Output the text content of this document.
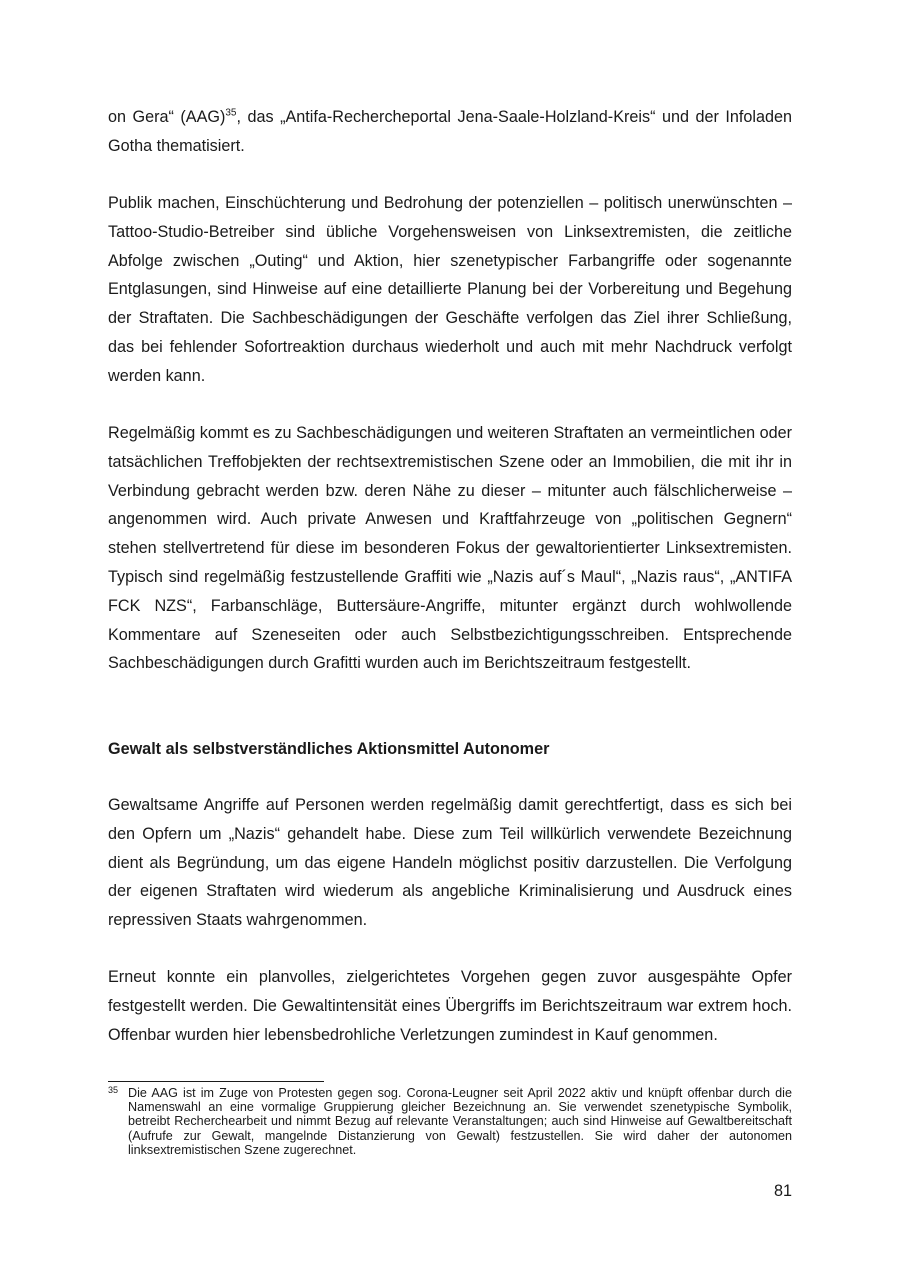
on Gera“ (AAG)$^{35}$, das „Antifa-Rechercheportal Jena-Saale-Holzland-Kreis“ und der Infoladen Gotha thematisiert.

Publik machen, Einschüchterung und Bedrohung der potenziellen – politisch unerwünschten – Tattoo-Studio-Betreiber sind übliche Vorgehensweisen von Linksextremisten, die zeitliche Abfolge zwischen „Outing“ und Aktion, hier szenetypischer Farbangriffe oder sogenannte Entglasungen, sind Hinweise auf eine detaillierte Planung bei der Vorbereitung und Begehung der Straftaten. Die Sachbeschädigungen der Geschäfte verfolgen das Ziel ihrer Schließung, das bei fehlender Sofortreaktion durchaus wiederholt und auch mit mehr Nachdruck verfolgt werden kann.

Regelmäßig kommt es zu Sachbeschädigungen und weiteren Straftaten an vermeintlichen oder tatsächlichen Treffobjekten der rechtsextremistischen Szene oder an Immobilien, die mit ihr in Verbindung gebracht werden bzw. deren Nähe zu dieser – mitunter auch fälschlicherweise – angenommen wird. Auch private Anwesen und Kraftfahrzeuge von „politischen Gegnern“ stehen stellvertretend für diese im besonderen Fokus der gewaltorientierter Linksextremisten. Typisch sind regelmäßig festzustellende Graffiti wie „Nazis auf´s Maul“, „Nazis raus“, „ANTIFA FCK NZS“, Farbanschläge, Buttersäure-Angriffe, mitunter ergänzt durch wohlwollende Kommentare auf Szeneseiten oder auch Selbstbezichtigungsschreiben. Entsprechende Sachbeschädigungen durch Grafitti wurden auch im Berichtszeitraum festgestellt.

Gewalt als selbstverständliches Aktionsmittel Autonomer

Gewaltsame Angriffe auf Personen werden regelmäßig damit gerechtfertigt, dass es sich bei den Opfern um „Nazis“ gehandelt habe. Diese zum Teil willkürlich verwendete Bezeichnung dient als Begründung, um das eigene Handeln möglichst positiv darzustellen. Die Verfolgung der eigenen Straftaten wird wiederum als angebliche Kriminalisierung und Ausdruck eines repressiven Staats wahrgenommen.

Erneut konnte ein planvolles, zielgerichtetes Vorgehen gegen zuvor ausgespähte Opfer festgestellt werden. Die Gewaltintensität eines Übergriffs im Berichtszeitraum war extrem hoch. Offenbar wurden hier lebensbedrohliche Verletzungen zumindest in Kauf genommen.

35 Die AAG ist im Zuge von Protesten gegen sog. Corona-Leugner seit April 2022 aktiv und knüpft offenbar durch die Namenswahl an eine vormalige Gruppierung gleicher Bezeichnung an. Sie verwendet szenetypische Symbolik, betreibt Recherchearbeit und nimmt Bezug auf relevante Veranstaltungen; auch sind Hinweise auf Gewaltbereitschaft (Aufrufe zur Gewalt, mangelnde Distanzierung von Gewalt) festzustellen. Sie wird daher der autonomen linksextremistischen Szene zugerechnet.

81
